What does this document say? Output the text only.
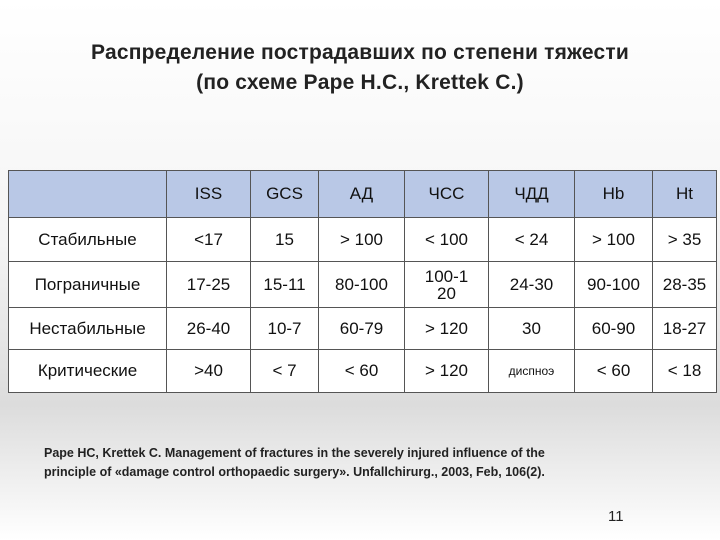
Распределение пострадавших по степени тяжести
(по схеме Pape H.C., Krettek C.)
	ISS	GCS	АД	ЧСС	ЧДД	Hb	Ht
Стабильные	<17	15	> 100	< 100	< 24	> 100	> 35
Пограничные	17-25	15-11	80-100	100-120	24-30	90-100	28-35
Нестабильные	26-40	10-7	60-79	> 120	30	60-90	18-27
Критические	>40	< 7	< 60	> 120	диспноэ	< 60	< 18
Pape HC, Krettek C. Management of fractures in the severely injured influence of the
principle of «damage control orthopaedic surgery». Unfallchirurg., 2003, Feb, 106(2).
11
